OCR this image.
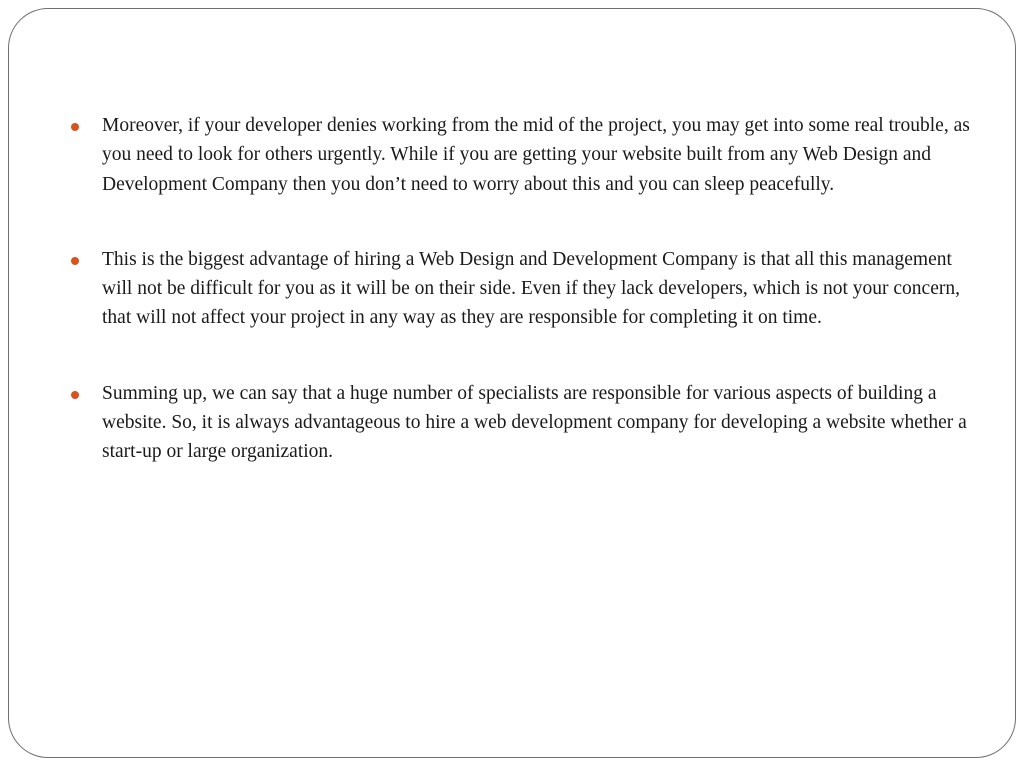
Moreover, if your developer denies working from the mid of the project, you may get into some real trouble, as you need to look for others urgently. While if you are getting your website built from any Web Design and Development Company then you don’t need to worry about this and you can sleep peacefully.
This is the biggest advantage of hiring a Web Design and Development Company is that all this management will not be difficult for you as it will be on their side. Even if they lack developers, which is not your concern, that will not affect your project in any way as they are responsible for completing it on time.
Summing up, we can say that a huge number of specialists are responsible for various aspects of building a website. So, it is always advantageous to hire a web development company for developing a website whether a start-up or large organization.
